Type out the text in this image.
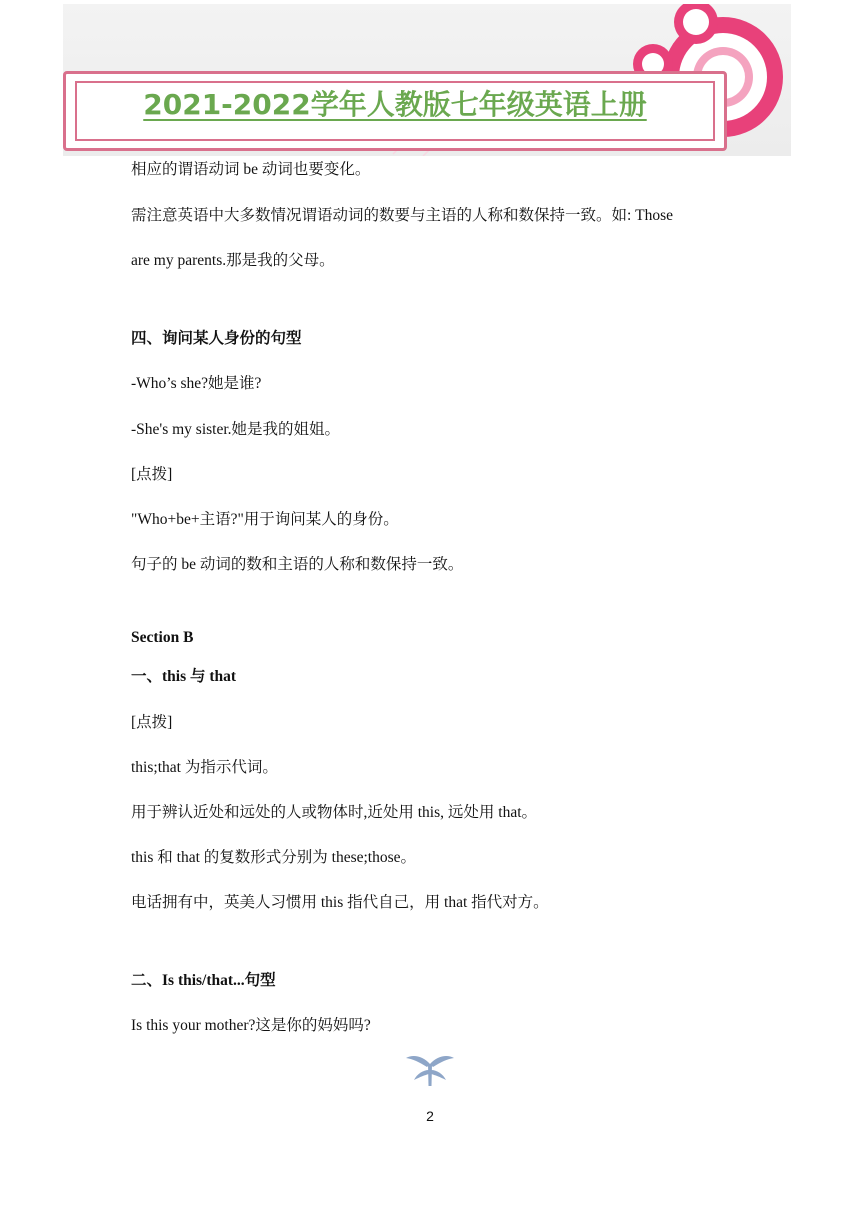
2021-2022学年人教版七年级英语上册
相应的谓语动词 be 动词也要变化。
需注意英语中大多数情况谓语动词的数要与主语的人称和数保持一致。如: Those
are my parents.那是我的父母。
四、询问某人身份的句型
-Who’s she?她是谁?
-She's my sister.她是我的姐姐。
[点拨]
"Who+be+主语?"用于询问某人的身份。
句子的 be 动词的数和主语的人称和数保持一致。
Section B
一、this 与 that
[点拨]
this;that 为指示代词。
用于辨认近处和远处的人或物体时,近处用 this, 远处用 that。
this 和 that 的复数形式分别为 these;those。
电话拥有中，英美人习惯用 this 指代自己，用 that 指代对方。
二、Is this/that...句型
Is this your mother?这是你的妈妈吗?
2
